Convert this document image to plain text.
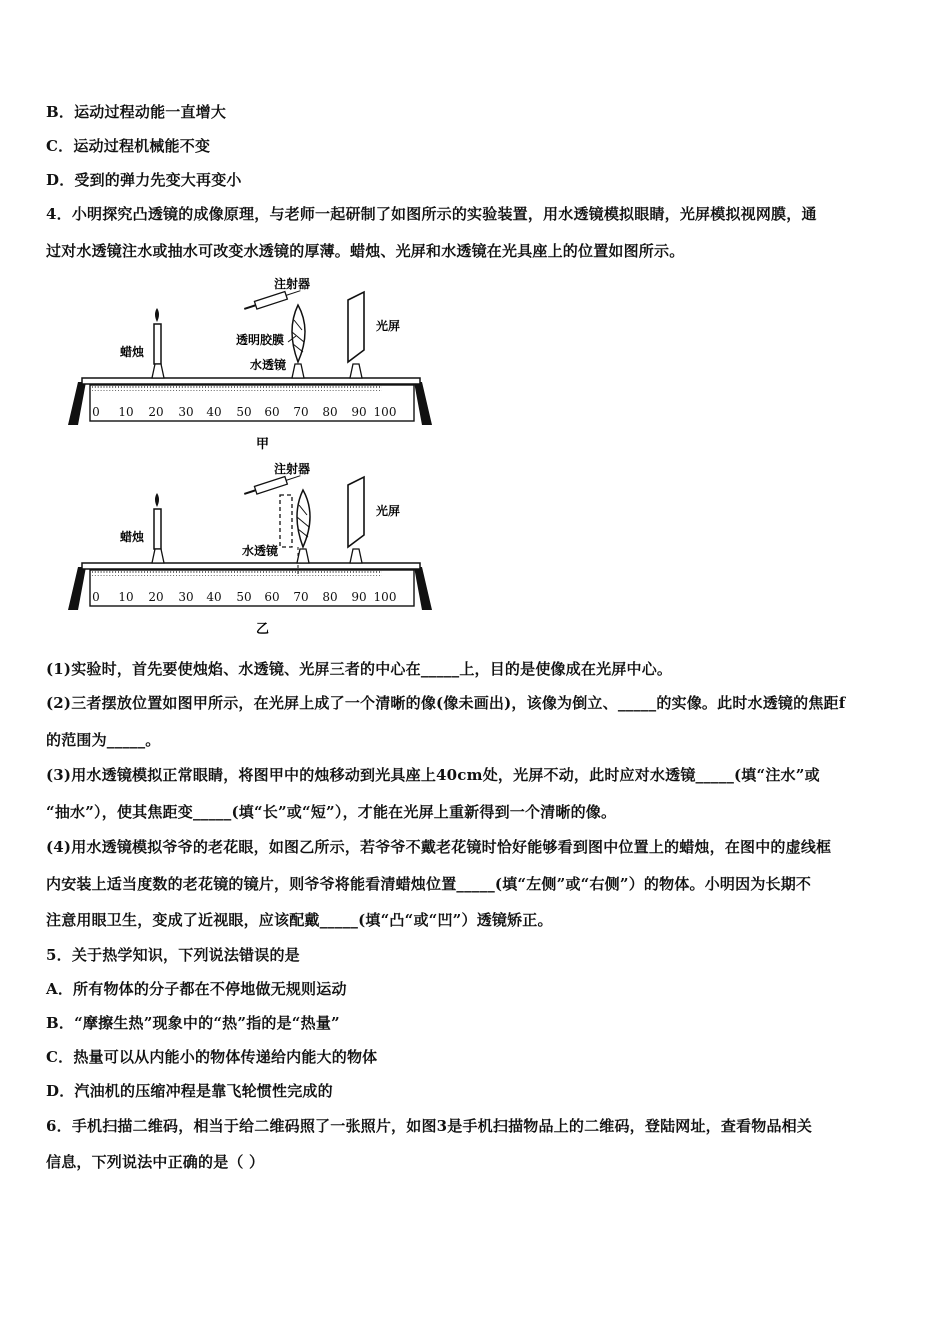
B．运动过程动能一直增大
C．运动过程机械能不变
D．受到的弹力先变大再变小
4．小明探究凸透镜的成像原理，与老师一起研制了如图所示的实验装置，用水透镜模拟眼睛，光屏模拟视网膜，通
过对水透镜注水或抽水可改变水透镜的厚薄。蜡烛、光屏和水透镜在光具座上的位置如图所示。
0 10 20 30 40 50 60 70 80 90 100
蜡烛
注射器
透明胶膜
水透镜
光屏
甲
0 10 20 30 40 50 60 70 80 90 100
蜡烛
注射器
水透镜
光屏
乙
(1)实验时，首先要使烛焰、水透镜、光屏三者的中心在_____上，目的是使像成在光屏中心。
(2)三者摆放位置如图甲所示，在光屏上成了一个清晰的像(像未画出)，该像为倒立、_____的实像。此时水透镜的焦距f
的范围为_____。
(3)用水透镜模拟正常眼睛，将图甲中的烛移动到光具座上40cm处，光屏不动，此时应对水透镜_____(填“注水”或
“抽水”），使其焦距变_____(填“长”或“短”），才能在光屏上重新得到一个清晰的像。
(4)用水透镜模拟爷爷的老花眼，如图乙所示，若爷爷不戴老花镜时恰好能够看到图中位置上的蜡烛，在图中的虚线框
内安装上适当度数的老花镜的镜片，则爷爷将能看清蜡烛位置_____(填“左侧”或“右侧”）的物体。小明因为长期不
注意用眼卫生，变成了近视眼，应该配戴_____(填“凸“或“凹”）透镜矫正。
5．关于热学知识，下列说法错误的是
A．所有物体的分子都在不停地做无规则运动
B．“摩擦生热”现象中的“热”指的是“热量”
C．热量可以从内能小的物体传递给内能大的物体
D．汽油机的压缩冲程是靠飞轮惯性完成的
6．手机扫描二维码，相当于给二维码照了一张照片，如图3是手机扫描物品上的二维码，登陆网址，查看物品相关
信息，下列说法中正确的是（ ）
